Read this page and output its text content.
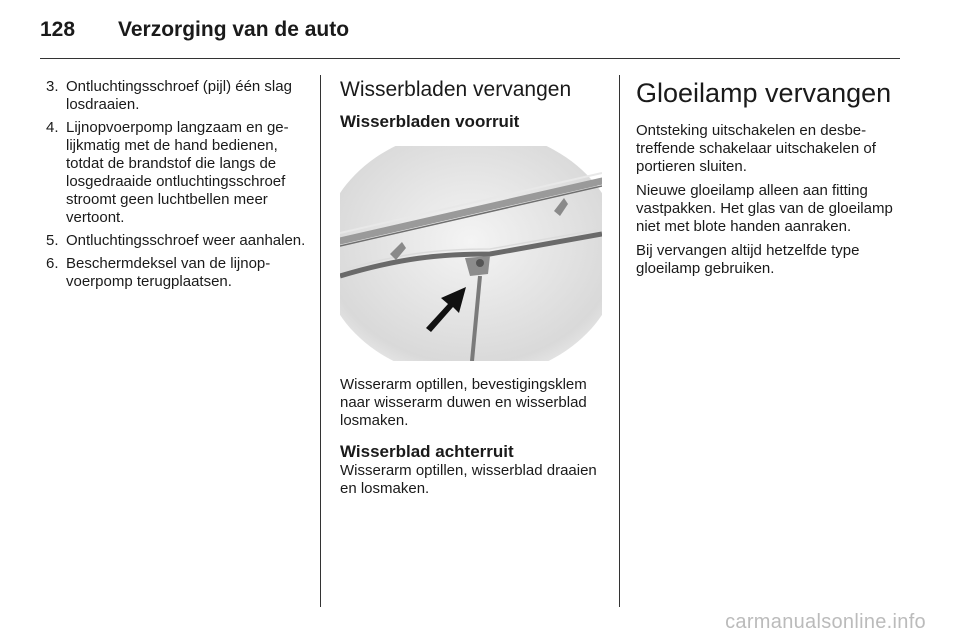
128	Verzorging van de auto
3. Ontluchtingsschroef (pijl) één slag losdraaien.
4. Lijnopvoerpomp langzaam en gelijkmatig met de hand bedienen, totdat de brandstof die langs de losgedraaide ontluchtingsschroef stroomt geen luchtbellen meer vertoont.
5. Ontluchtingsschroef weer aanhalen.
6. Beschermdeksel van de lijnopvoerpomp terugplaatsen.
Wisserbladen vervangen
Wisserbladen voorruit

Wisserarm optillen, bevestigingsklem naar wisserarm duwen en wisserblad losmaken.

Wisserblad achterruit

Wisserarm optillen, wisserblad draaien en losmaken.

Gloeilamp vervangen

Ontsteking uitschakelen en desbetreffende schakelaar uitschakelen of portieren sluiten.

Nieuwe gloeilamp alleen aan fitting vastpakken. Het glas van de gloeilamp niet met blote handen aanraken.

Bij vervangen altijd hetzelfde type gloeilamp gebruiken.

carmanualsonline.info
